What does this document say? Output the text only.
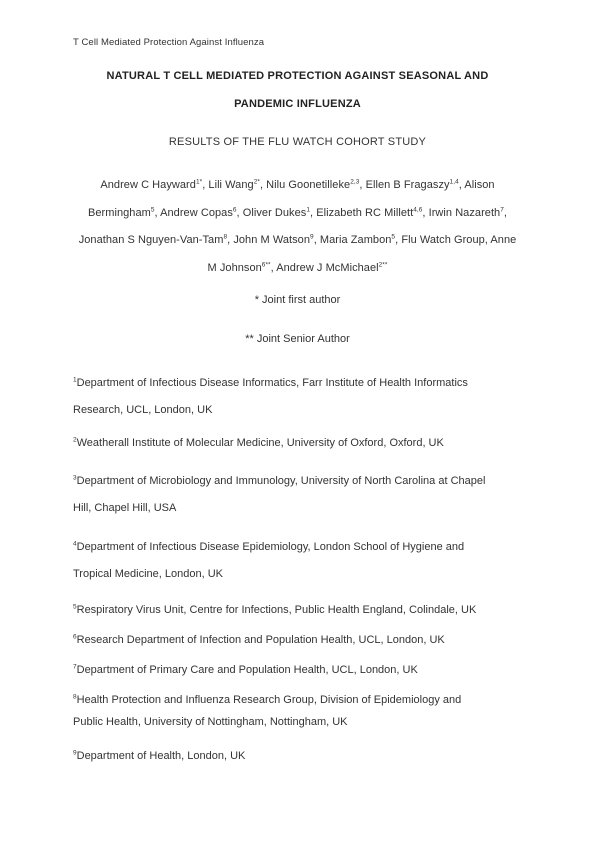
T Cell Mediated Protection Against Influenza
NATURAL T CELL MEDIATED PROTECTION AGAINST SEASONAL AND
PANDEMIC INFLUENZA
RESULTS OF THE FLU WATCH COHORT STUDY
Andrew C Hayward$^{1*}$, Lili Wang$^{2*}$, Nilu Goonetilleke$^{2,3}$, Ellen B Fragaszy$^{1,4}$, Alison Bermingham$^5$, Andrew Copas$^6$, Oliver Dukes$^1$, Elizabeth RC Millett$^{4,6}$, Irwin Nazareth$^7$, Jonathan S Nguyen-Van-Tam$^8$, John M Watson$^9$, Maria Zambon$^5$, Flu Watch Group, Anne M Johnson$^{6**}$, Andrew J McMichael$^{2**}$
* Joint first author
** Joint Senior Author
$^1$Department of Infectious Disease Informatics, Farr Institute of Health Informatics
Research, UCL, London, UK
$^2$Weatherall Institute of Molecular Medicine, University of Oxford, Oxford, UK
$^3$Department of Microbiology and Immunology, University of North Carolina at Chapel
Hill, Chapel Hill, USA
$^4$Department of Infectious Disease Epidemiology, London School of Hygiene and
Tropical Medicine, London, UK
$^5$Respiratory Virus Unit, Centre for Infections, Public Health England, Colindale, UK
$^6$Research Department of Infection and Population Health, UCL, London, UK
$^7$Department of Primary Care and Population Health, UCL, London, UK
$^8$Health Protection and Influenza Research Group, Division of Epidemiology and
Public Health, University of Nottingham, Nottingham, UK
$^9$Department of Health, London, UK
